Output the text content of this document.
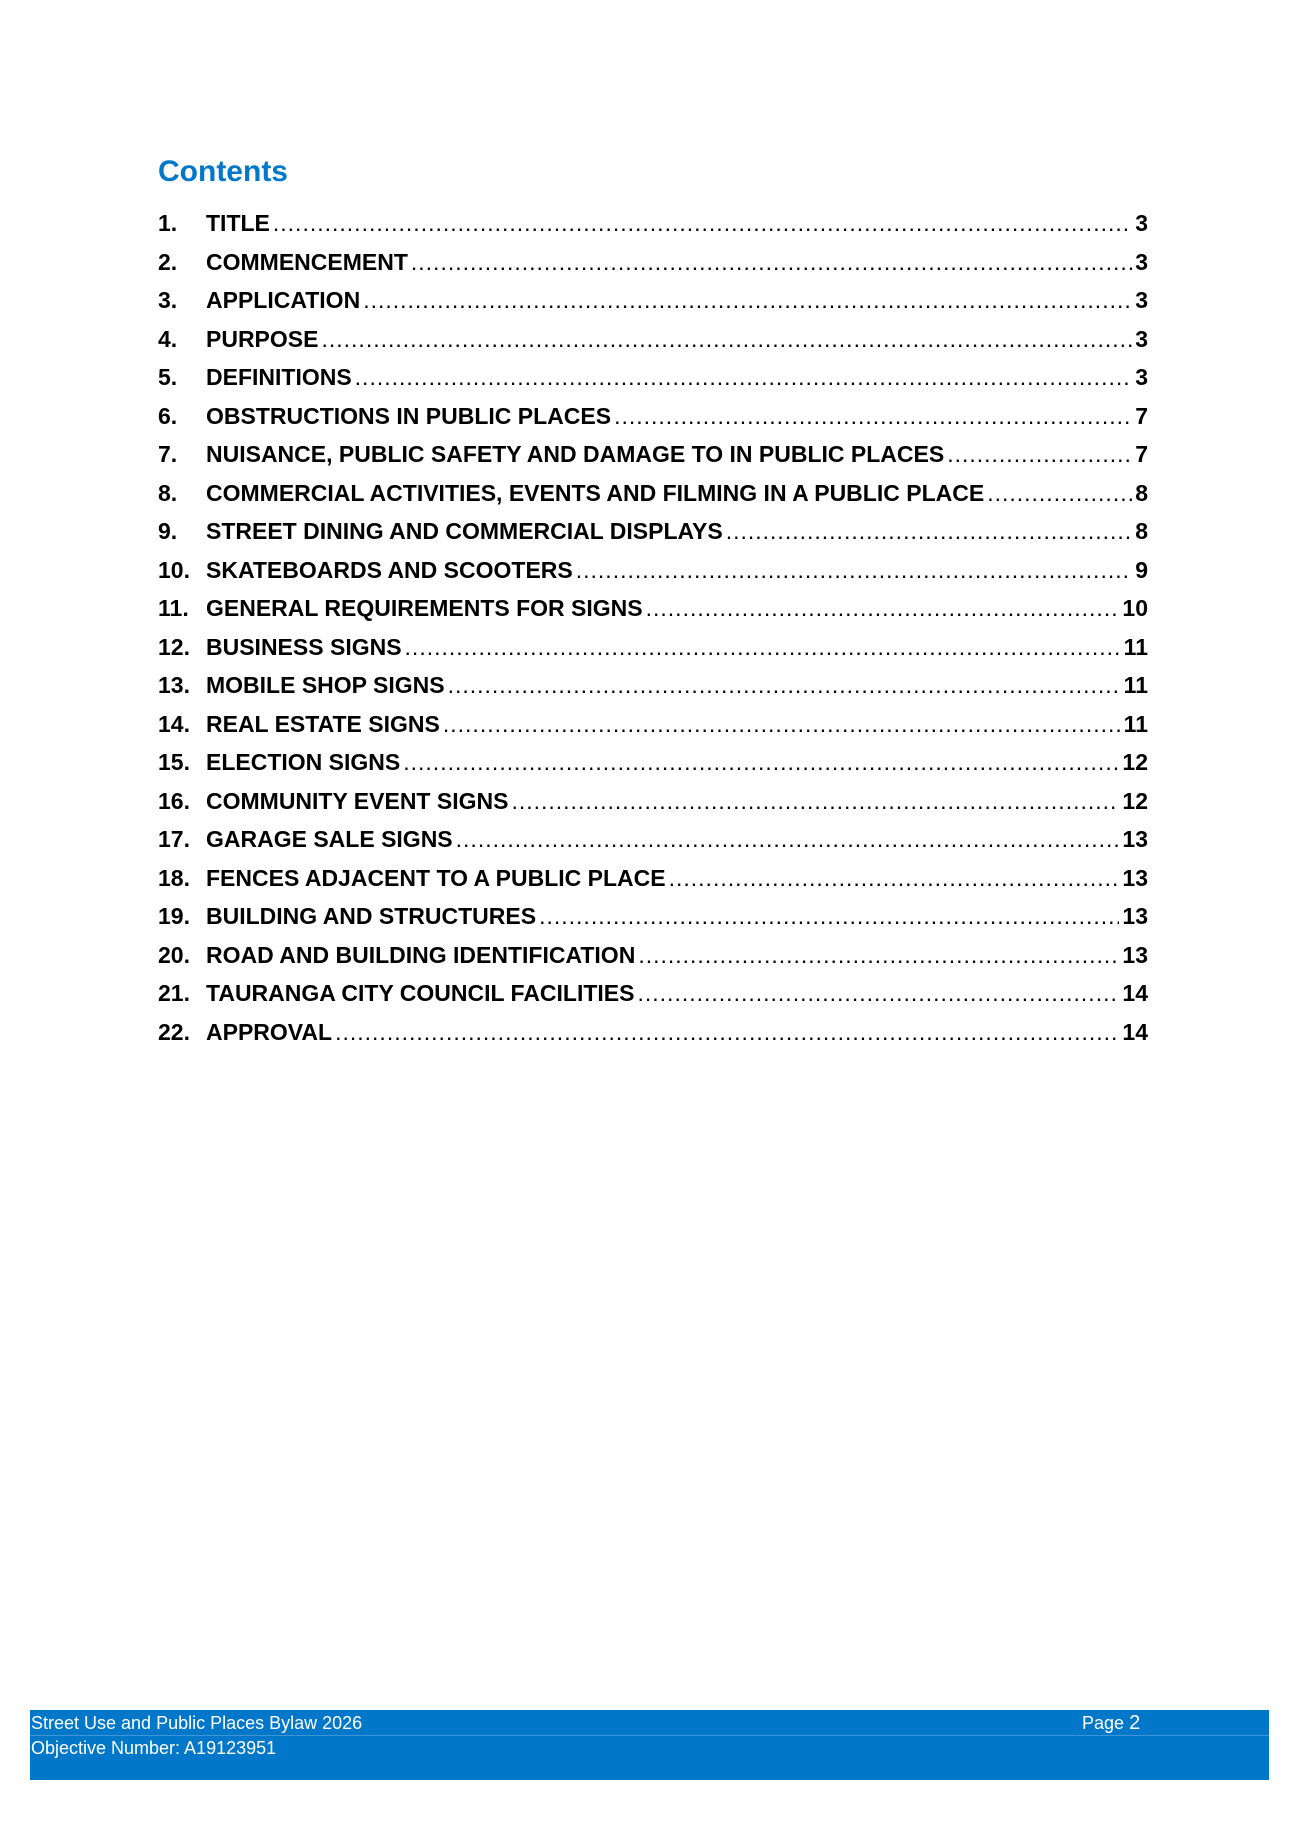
Contents
1.	TITLE .....	3
2.	COMMENCEMENT .....	3
3.	APPLICATION .....	3
4.	PURPOSE .....	3
5.	DEFINITIONS .....	3
6.	OBSTRUCTIONS IN PUBLIC PLACES .....	7
7.	NUISANCE, PUBLIC SAFETY AND DAMAGE TO IN PUBLIC PLACES .....	7
8.	COMMERCIAL ACTIVITIES, EVENTS AND FILMING IN A PUBLIC PLACE .....	8
9.	STREET DINING AND COMMERCIAL DISPLAYS .....	8
10. SKATEBOARDS AND SCOOTERS .....	9
11. GENERAL REQUIREMENTS FOR SIGNS .....	10
12. BUSINESS SIGNS .....	11
13. MOBILE SHOP SIGNS .....	11
14. REAL ESTATE SIGNS .....	11
15. ELECTION SIGNS .....	12
16. COMMUNITY EVENT SIGNS .....	12
17. GARAGE SALE SIGNS .....	13
18. FENCES ADJACENT TO A PUBLIC PLACE .....	13
19. BUILDING AND STRUCTURES .....	13
20. ROAD AND BUILDING IDENTIFICATION .....	13
21. TAURANGA CITY COUNCIL FACILITIES .....	14
22. APPROVAL .....	14
Street Use and Public Places Bylaw 2026	Page 2
Objective Number: A19123951
